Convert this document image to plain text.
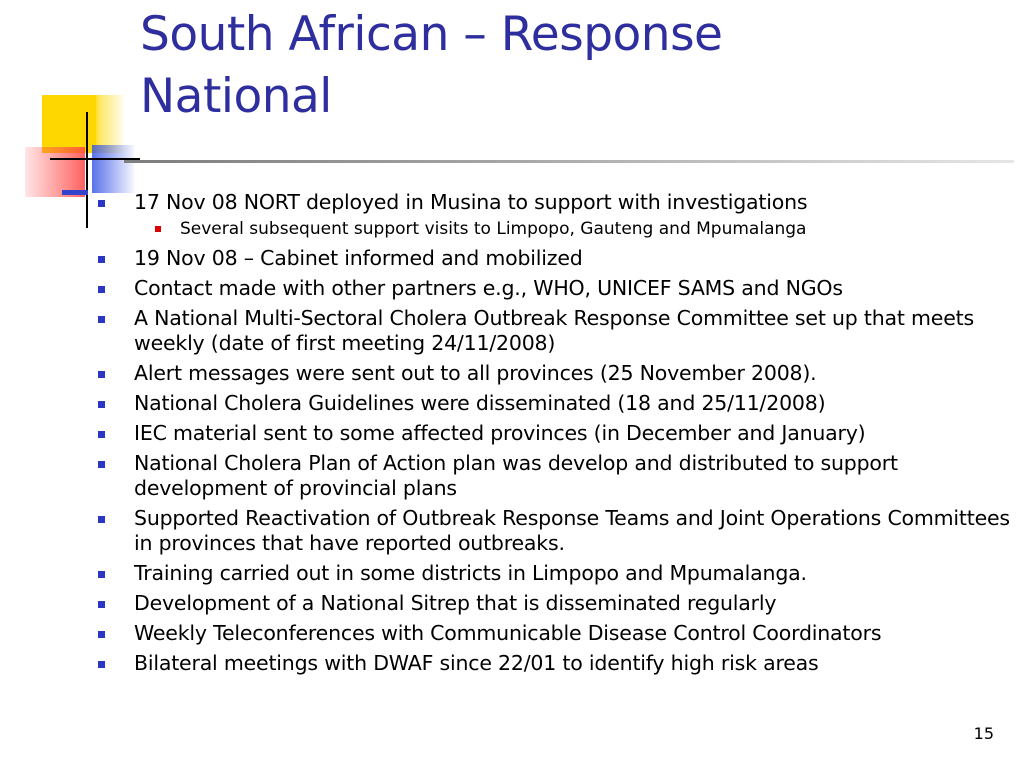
South African – Response
National
17 Nov 08 NORT deployed in Musina to support with investigations
Several subsequent support visits to Limpopo, Gauteng and Mpumalanga
19 Nov 08 – Cabinet informed and mobilized
Contact made with other partners e.g., WHO, UNICEF SAMS and NGOs
A National Multi-Sectoral Cholera Outbreak Response Committee set up that meets weekly (date of first meeting 24/11/2008)
Alert messages were sent out to all provinces (25 November 2008).
National Cholera Guidelines were disseminated (18 and 25/11/2008)
IEC material sent to some affected provinces (in December and January)
National Cholera Plan of Action plan was develop and distributed to support development of provincial plans
Supported Reactivation of Outbreak Response Teams and Joint Operations Committees in provinces that have reported outbreaks.
Training carried out in some districts in Limpopo and Mpumalanga.
Development of a National Sitrep that is disseminated regularly
Weekly Teleconferences with Communicable Disease Control Coordinators
Bilateral meetings with DWAF since 22/01 to identify high risk areas
15
